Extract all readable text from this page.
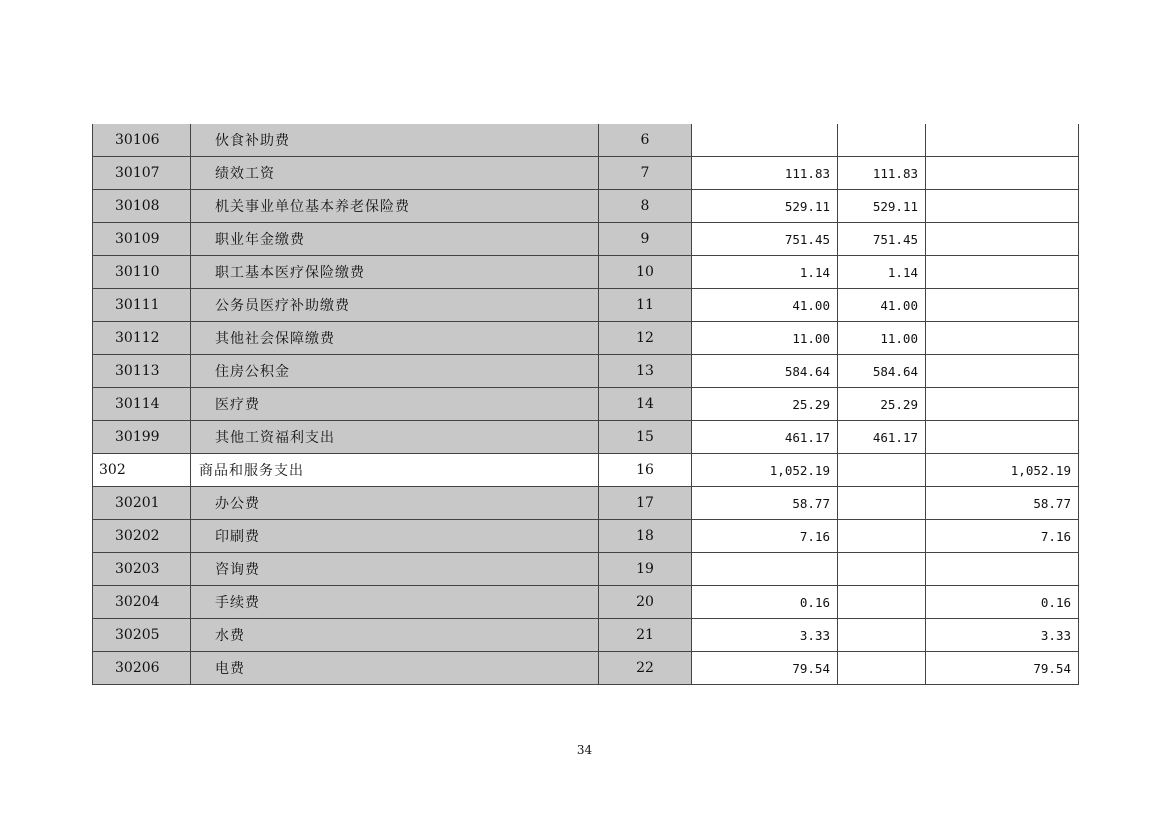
30106	伙食补助费	6			
30107	绩效工资	7	111.83	111.83	
30108	机关事业单位基本养老保险费	8	529.11	529.11	
30109	职业年金缴费	9	751.45	751.45	
30110	职工基本医疗保险缴费	10	1.14	1.14	
30111	公务员医疗补助缴费	11	41.00	41.00	
30112	其他社会保障缴费	12	11.00	11.00	
30113	住房公积金	13	584.64	584.64	
30114	医疗费	14	25.29	25.29	
30199	其他工资福利支出	15	461.17	461.17	
302	商品和服务支出	16	1,052.19		1,052.19
30201	办公费	17	58.77		58.77
30202	印刷费	18	7.16		7.16
30203	咨询费	19			
30204	手续费	20	0.16		0.16
30205	水费	21	3.33		3.33
30206	电费	22	79.54		79.54
34
